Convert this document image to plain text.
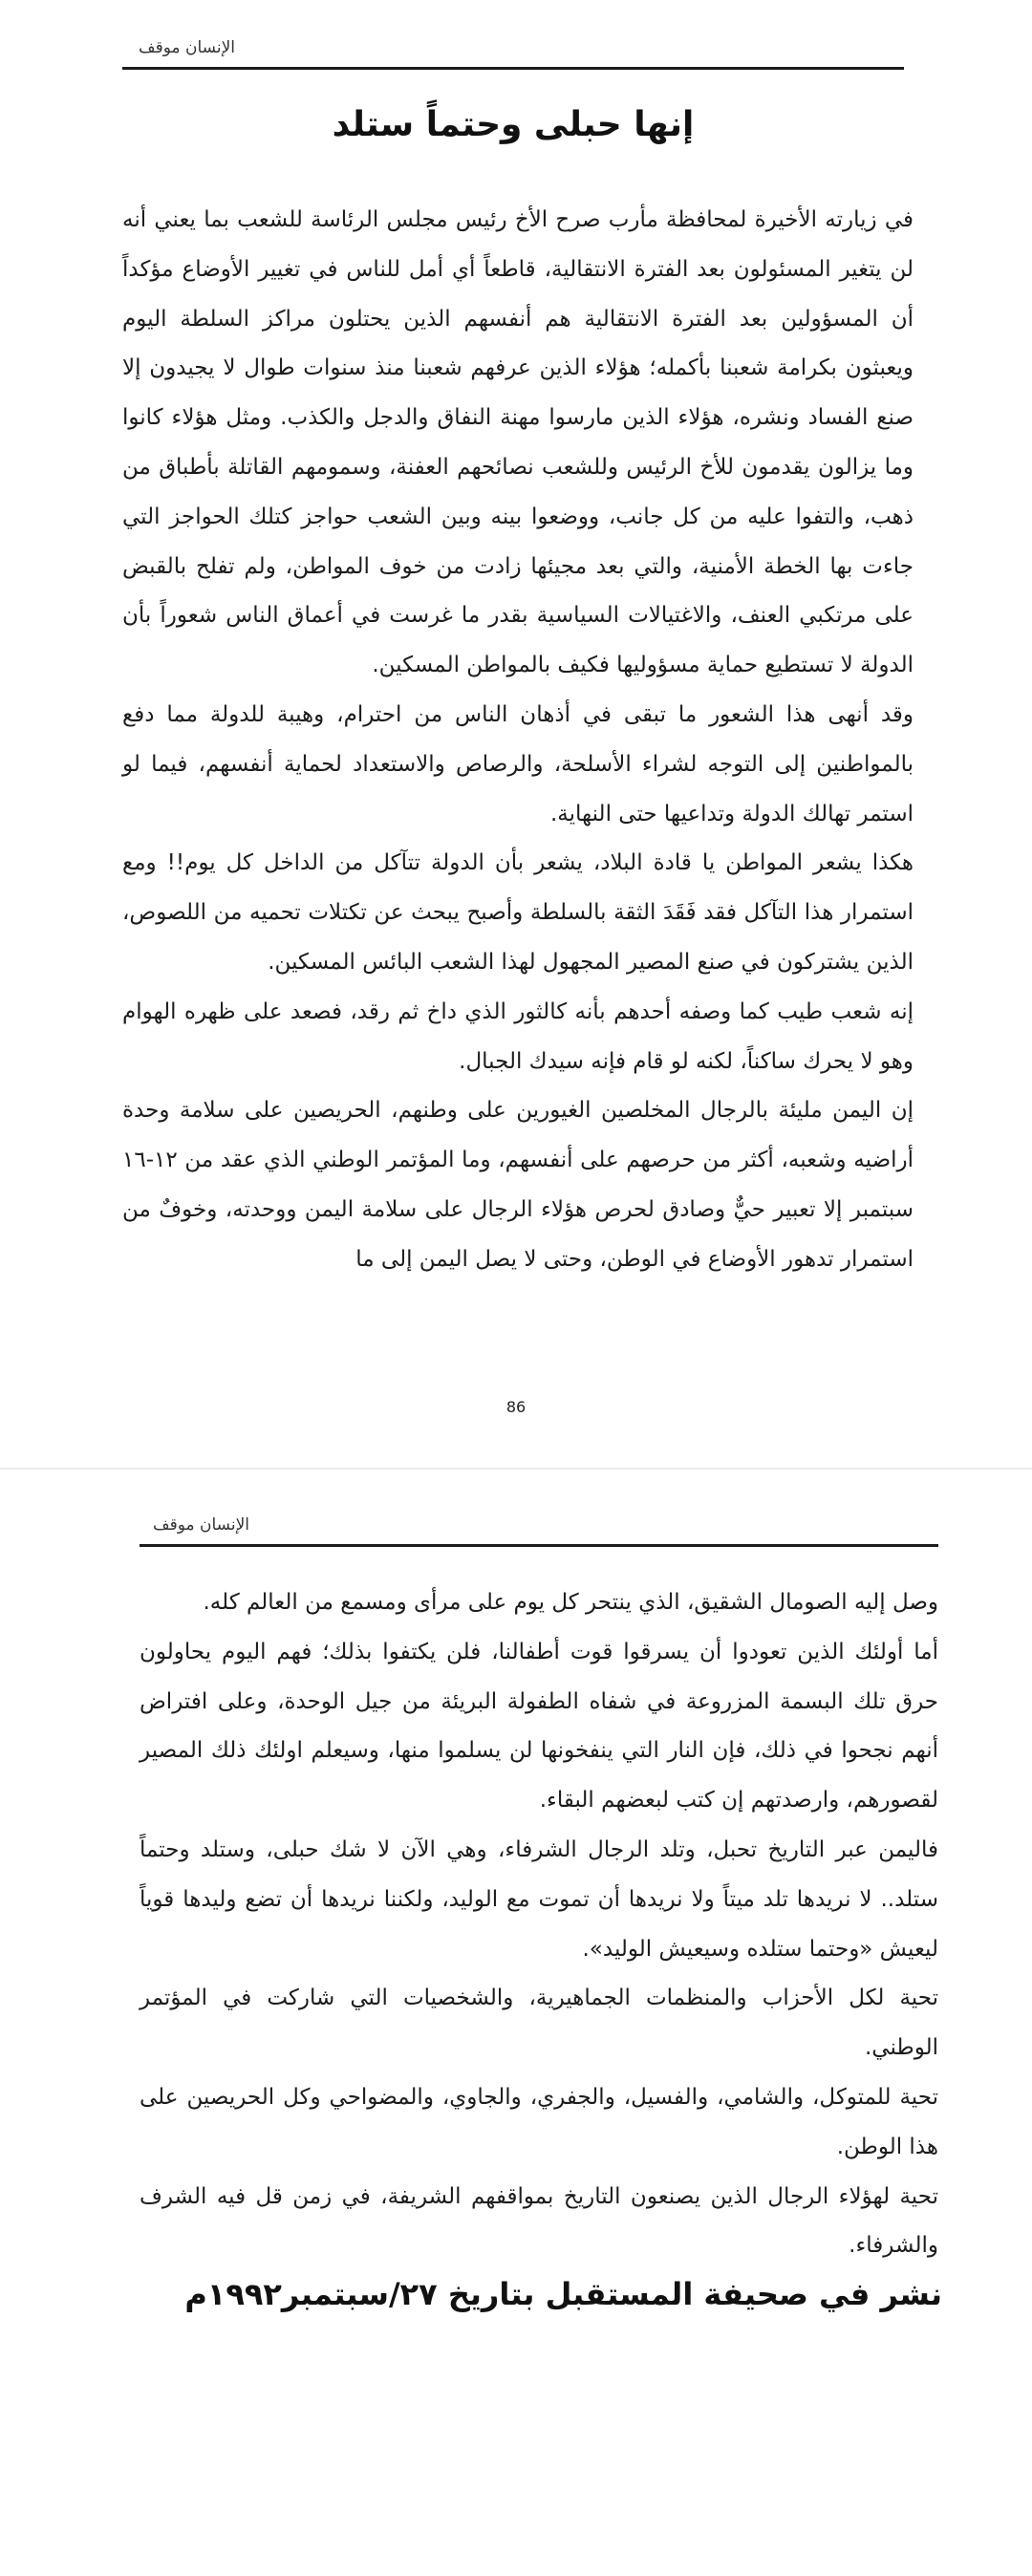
الإنسان موقف
إنها حبلى وحتماً ستلد

في زيارته الأخيرة لمحافظة مأرب صرح الأخ رئيس مجلس الرئاسة للشعب بما يعني أنه لن يتغير المسئولون بعد الفترة الانتقالية، قاطعاً أي أمل للناس في تغيير الأوضاع مؤكداً أن المسؤولين بعد الفترة الانتقالية هم أنفسهم الذين يحتلون مراكز السلطة اليوم ويعبثون بكرامة شعبنا بأكمله؛ هؤلاء الذين عرفهم شعبنا منذ سنوات طوال لا يجيدون إلا صنع الفساد ونشره، هؤلاء الذين مارسوا مهنة النفاق والدجل والكذب. ومثل هؤلاء كانوا وما يزالون يقدمون للأخ الرئيس وللشعب نصائحهم العفنة، وسمومهم القاتلة بأطباق من ذهب، والتفوا عليه من كل جانب، ووضعوا بينه وبين الشعب حواجز كتلك الحواجز التي جاءت بها الخطة الأمنية، والتي بعد مجيئها زادت من خوف المواطن، ولم تفلح بالقبض على مرتكبي العنف، والاغتيالات السياسية بقدر ما غرست في أعماق الناس شعوراً بأن الدولة لا تستطيع حماية مسؤوليها فكيف بالمواطن المسكين.

وقد أنهى هذا الشعور ما تبقى في أذهان الناس من احترام، وهيبة للدولة مما دفع بالمواطنين إلى التوجه لشراء الأسلحة، والرصاص والاستعداد لحماية أنفسهم، فيما لو استمر تهالك الدولة وتداعيها حتى النهاية.

هكذا يشعر المواطن يا قادة البلاد، يشعر بأن الدولة تتآكل من الداخل كل يوم!! ومع استمرار هذا التآكل فقد فَقَدَ الثقة بالسلطة وأصبح يبحث عن تكتلات تحميه من اللصوص، الذين يشتركون في صنع المصير المجهول لهذا الشعب البائس المسكين.

إنه شعب طيب كما وصفه أحدهم بأنه كالثور الذي داخ ثم رقد، فصعد على ظهره الهوام وهو لا يحرك ساكناً، لكنه لو قام فإنه سيدك الجبال.

إن اليمن مليئة بالرجال المخلصين الغيورين على وطنهم، الحريصين على سلامة وحدة أراضيه وشعبه، أكثر من حرصهم على أنفسهم، وما المؤتمر الوطني الذي عقد من ١٢-١٦ سبتمبر إلا تعبير حيٌّ وصادق لحرص هؤلاء الرجال على سلامة اليمن ووحدته، وخوفٌ من استمرار تدهور الأوضاع في الوطن، وحتى لا يصل اليمن إلى ما

86
الإنسان موقف

وصل إليه الصومال الشقيق، الذي ينتحر كل يوم على مرأى ومسمع من العالم كله.

أما أولئك الذين تعودوا أن يسرقوا قوت أطفالنا، فلن يكتفوا بذلك؛ فهم اليوم يحاولون حرق تلك البسمة المزروعة في شفاه الطفولة البريئة من جيل الوحدة، وعلى افتراض أنهم نجحوا في ذلك، فإن النار التي ينفخونها لن يسلموا منها، وسيعلم اولئك ذلك المصير لقصورهم، وارصدتهم إن كتب لبعضهم البقاء.

فاليمن عبر التاريخ تحبل، وتلد الرجال الشرفاء، وهي الآن لا شك حبلى، وستلد وحتماً ستلد.. لا نريدها تلد ميتاً ولا نريدها أن تموت مع الوليد، ولكننا نريدها أن تضع وليدها قوياً ليعيش «وحتما ستلده وسيعيش الوليد».

تحية لكل الأحزاب والمنظمات الجماهيرية، والشخصيات التي شاركت في المؤتمر الوطني.

تحية للمتوكل، والشامي، والفسيل، والجفري، والجاوي، والمضواحي وكل الحريصين على هذا الوطن.

تحية لهؤلاء الرجال الذين يصنعون التاريخ بمواقفهم الشريفة، في زمن قل فيه الشرف والشرفاء.

نشر في صحيفة المستقبل بتاريخ ٢٧/سبتمبر١٩٩٢م
